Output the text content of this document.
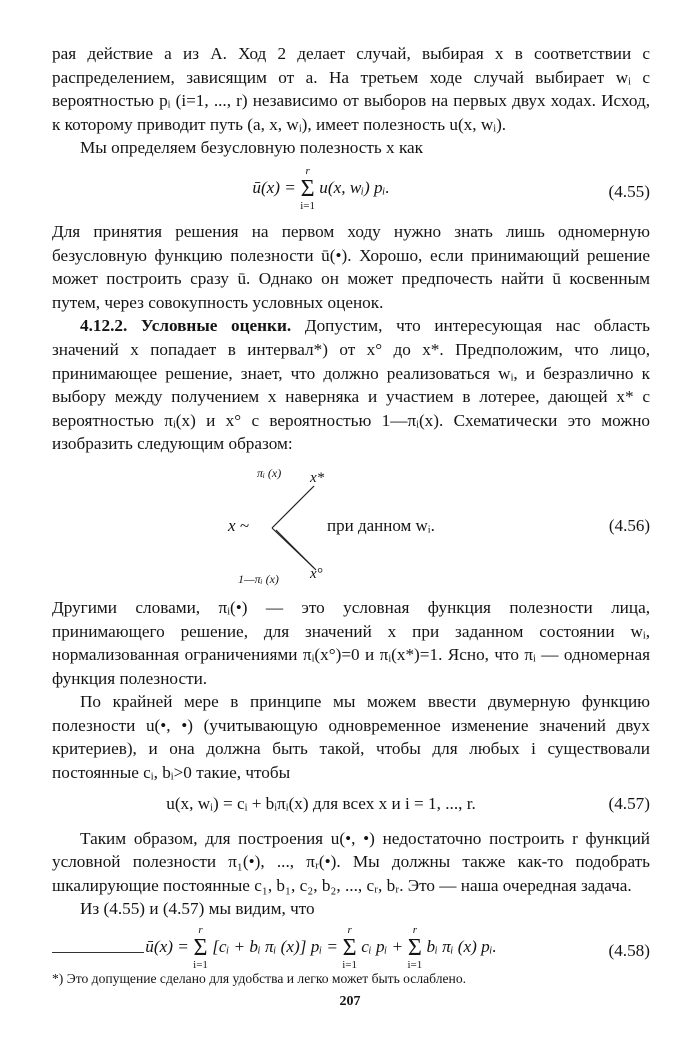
рая действие a из A. Ход 2 делает случай, выбирая x в соответствии с распределением, зависящим от a. На третьем ходе случай выбирает wᵢ с вероятностью pᵢ (i=1, ..., r) независимо от выборов на первых двух ходах. Исход, к которому приводит путь (a, x, wᵢ), имеет полезность u(x, wᵢ).

Мы определяем безусловную полезность x как

ū(x) =
r
Σ
i=1
u(x, wᵢ) pᵢ.	(4.55)

Для принятия решения на первом ходу нужно знать лишь одномерную безусловную функцию полезности ū(•). Хорошо, если принимающий решение может построить сразу ū. Однако он может предпочесть найти ū косвенным путем, через совокупность условных оценок.

4.12.2. Условные оценки. Допустим, что интересующая нас область значений x попадает в интервал*) от x° до x*. Предположим, что лицо, принимающее решение, знает, что должно реализоваться wᵢ, и безразлично к выбору между получением x наверняка и участием в лотерее, дающей x* с вероятностью πᵢ(x) и x° с вероятностью 1—πᵢ(x). Схематически это можно изобразить следующим образом:

x ~
πᵢ (x) x*
1—πᵢ (x) x°
при данном wᵢ.	(4.56)

Другими словами, πᵢ(•) — это условная функция полезности лица, принимающего решение, для значений x при заданном состоянии wᵢ, нормализованная ограничениями πᵢ(x°)=0 и πᵢ(x*)=1. Ясно, что πᵢ — одномерная функция полезности.

По крайней мере в принципе мы можем ввести двумерную функцию полезности u(•, •) (учитывающую одновременное изменение значений двух критериев), и она должна быть такой, чтобы для любых i существовали постоянные cᵢ, bᵢ>0 такие, чтобы

u(x, wᵢ) = cᵢ + bᵢπᵢ(x) для всех x и i = 1, ..., r.	(4.57)

Таким образом, для построения u(•, •) недостаточно построить r функций условной полезности π₁(•), ..., πᵣ(•). Мы должны также как-то подобрать шкалирующие постоянные c₁, b₁, c₂, b₂, ..., cᵣ, bᵣ. Это — наша очередная задача.

Из (4.55) и (4.57) мы видим, что

ū(x) =
r
Σ
i=1
[cᵢ + bᵢ πᵢ (x)] pᵢ =
r
Σ
i=1
cᵢ pᵢ +
r
Σ
i=1
bᵢ πᵢ (x) pᵢ.	(4.58)
*) Это допущение сделано для удобства и легко может быть ослаблено.
207
